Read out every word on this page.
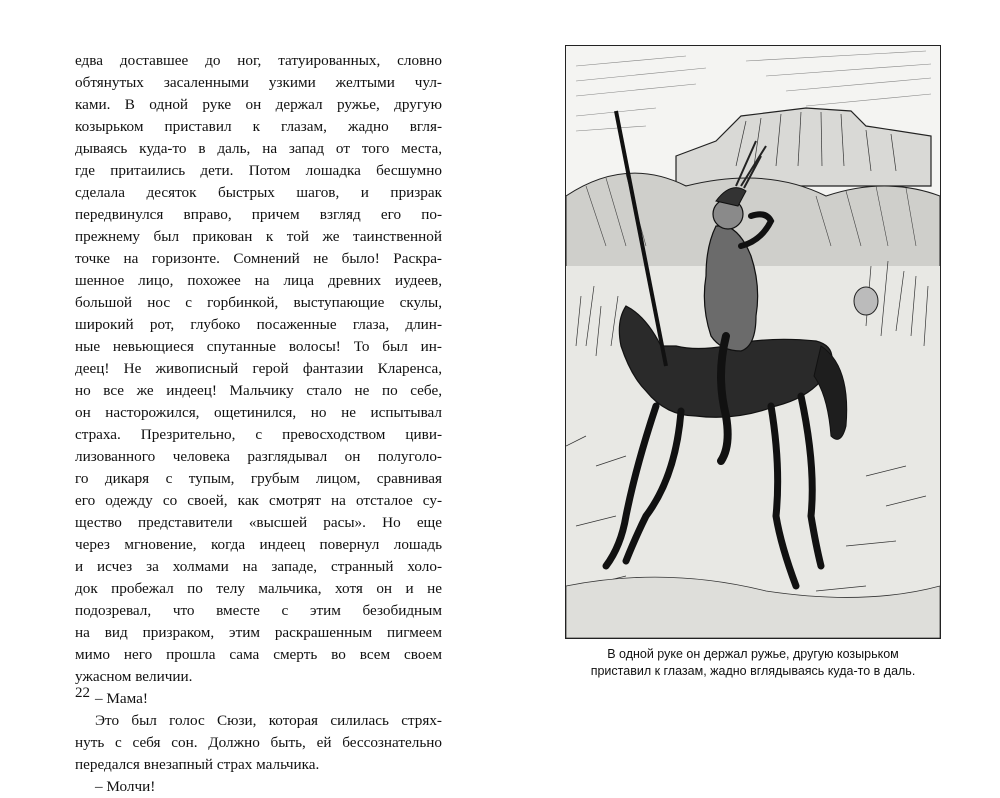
едва доставшее до ног, татуированных, словно
обтянутых засаленными узкими желтыми чул-
ками. В одной руке он держал ружье, другую
козырьком приставил к глазам, жадно вгля-
дываясь куда-то в даль, на запад от того места,
где притаились дети. Потом лошадка бесшумно
сделала десяток быстрых шагов, и призрак
передвинулся вправо, причем взгляд его по-
прежнему был прикован к той же таинственной
точке на горизонте. Сомнений не было! Раскра-
шенное лицо, похожее на лица древних иудеев,
большой нос с горбинкой, выступающие скулы,
широкий рот, глубоко посаженные глаза, длин-
ные невьющиеся спутанные волосы! То был ин-
деец! Не живописный герой фантазии Кларенса,
но все же индеец! Мальчику стало не по себе,
он насторожился, ощетинился, но не испытывал
страха. Презрительно, с превосходством циви-
лизованного человека разглядывал он полуголо-
го дикаря с тупым, грубым лицом, сравнивая
его одежду со своей, как смотрят на отсталое су-
щество представители «высшей расы». Но еще
через мгновение, когда индеец повернул лошадь
и исчез за холмами на западе, странный холо-
док пробежал по телу мальчика, хотя он и не
подозревал, что вместе с этим безобидным
на вид призраком, этим раскрашенным пигмеем
мимо него прошла сама смерть во всем своем
ужасном величии.
– Мама!
Это был голос Сюзи, которая силилась стрях-
нуть с себя сон. Должно быть, ей бессознательно
передался внезапный страх мальчика.
– Молчи!
22
В одной руке он держал ружье, другую козырьком
приставил к глазам, жадно вглядываясь куда-то в даль.
